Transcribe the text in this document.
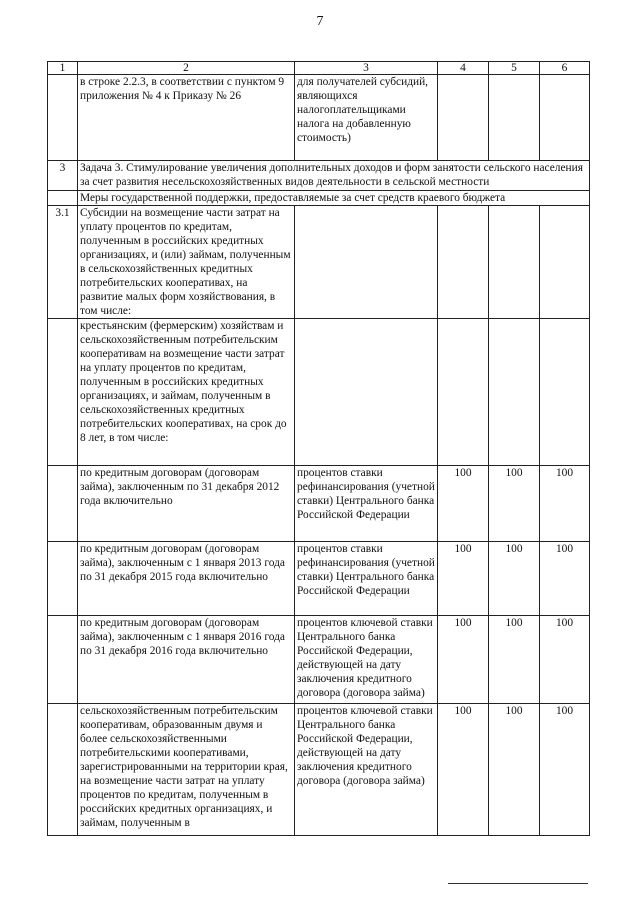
7
1	2	3	4	5	6
	в строке 2.2.3, в соответствии с пунктом 9 приложения № 4 к Приказу № 26	для получателей субсидий, являющихся налогоплательщиками налога на добавленную стоимость)			
3	Задача 3. Стимулирование увеличения дополнительных доходов и форм занятости сельского населения за счет развития несельскохозяйственных видов деятельности в сельской местности				
	Меры государственной поддержки, предоставляемые за счет средств краевого бюджета				
3.1	Субсидии на возмещение части затрат на уплату процентов по кредитам, полученным в российских кредитных организациях, и (или) займам, полученным в сельскохозяйственных кредитных потребительских кооперативах, на развитие малых форм хозяйствования, в том числе:				
	крестьянским (фермерским) хозяйствам и сельскохозяйственным потребительским кооперативам на возмещение части затрат на уплату процентов по кредитам, полученным в российских кредитных организациях, и займам, полученным в сельскохозяйственных кредитных потребительских кооперативах, на срок до 8 лет, в том числе:				
	по кредитным договорам (договорам займа), заключенным по 31 декабря 2012 года включительно	процентов ставки рефинансирования (учетной ставки) Центрального банка Российской Федерации	100	100	100
	по кредитным договорам (договорам займа), заключенным с 1 января 2013 года по 31 декабря 2015 года включительно	процентов ставки рефинансирования (учетной ставки) Центрального банка Российской Федерации	100	100	100
	по кредитным договорам (договорам займа), заключенным с 1 января 2016 года по 31 декабря 2016 года включительно	процентов ключевой ставки Центрального банка Российской Федерации, действующей на дату заключения кредитного договора (договора займа)	100	100	100
	сельскохозяйственным потребительским кооперативам, образованным двумя и более сельскохозяйственными потребительскими кооперативами, зарегистрированными на территории края, на возмещение части затрат на уплату процентов по кредитам, полученным в российских кредитных организациях, и займам, полученным в	процентов ключевой ставки Центрального банка Российской Федерации, действующей на дату заключения кредитного договора (договора займа)	100	100	100
